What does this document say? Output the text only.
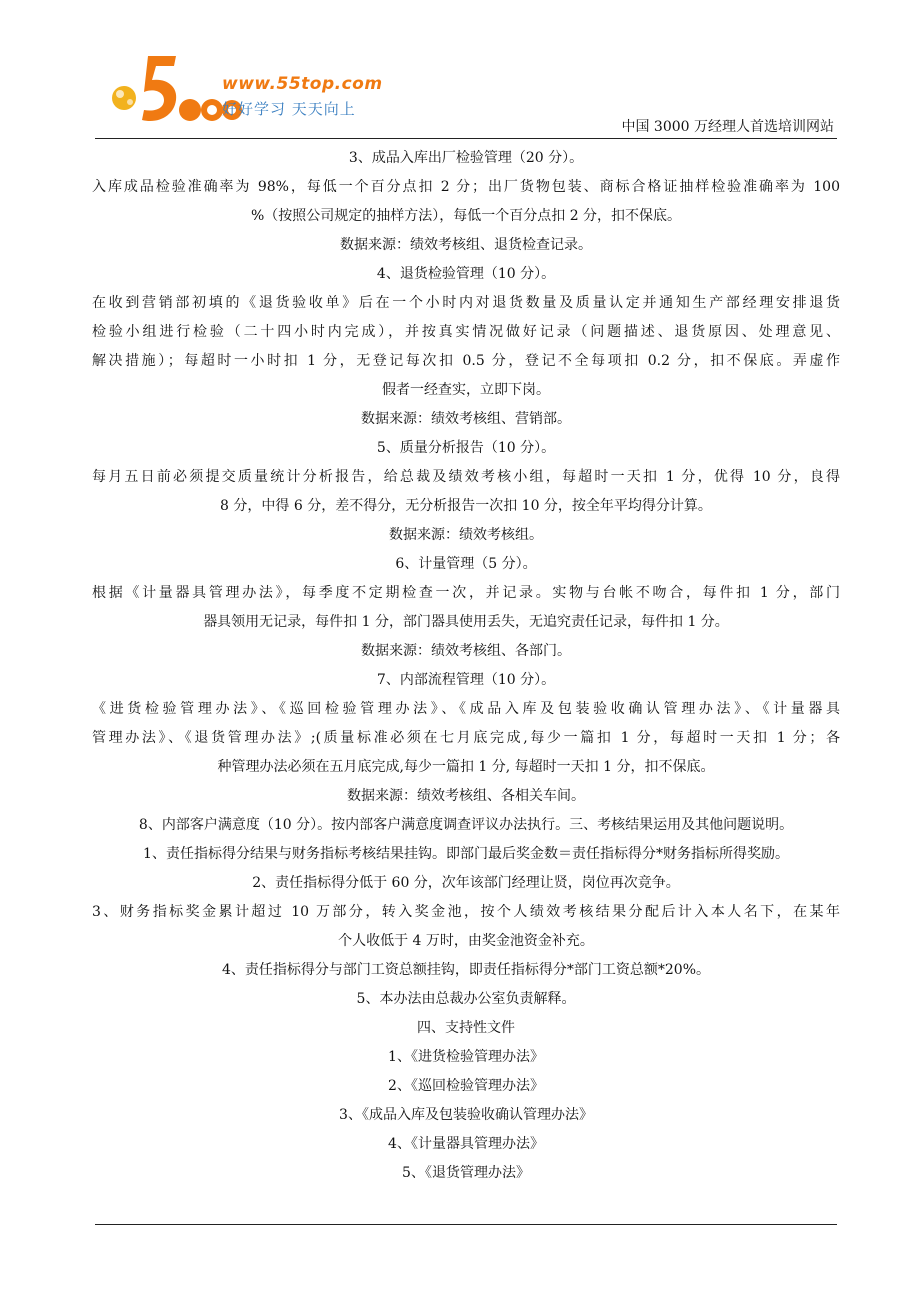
www.55top.com
好好学习 天天向上
中国 3000 万经理人首选培训网站

3、成品入库出厂检验管理（20 分）。

入库成品检验准确率为 98%，每低一个百分点扣 2 分；出厂货物包装、商标合格证抽样检验准确率为 100

%（按照公司规定的抽样方法），每低一个百分点扣 2 分，扣不保底。

数据来源：绩效考核组、退货检查记录。

4、退货检验管理（10 分）。

在收到营销部初填的《退货验收单》后在一个小时内对退货数量及质量认定并通知生产部经理安排退货

检验小组进行检验（二十四小时内完成），并按真实情况做好记录（问题描述、退货原因、处理意见、

解决措施）；每超时一小时扣 1 分，无登记每次扣 0.5 分，登记不全每项扣 0.2 分，扣不保底。弄虚作

假者一经查实，立即下岗。

数据来源：绩效考核组、营销部。

5、质量分析报告（10 分）。

每月五日前必须提交质量统计分析报告，给总裁及绩效考核小组，每超时一天扣 1 分，优得 10 分，良得

8 分，中得 6 分，差不得分，无分析报告一次扣 10 分，按全年平均得分计算。

数据来源：绩效考核组。

6、计量管理（5 分）。

根据《计量器具管理办法》，每季度不定期检查一次，并记录。实物与台帐不吻合，每件扣 1 分，部门

器具领用无记录，每件扣 1 分，部门器具使用丢失，无追究责任记录，每件扣 1 分。

数据来源：绩效考核组、各部门。

7、内部流程管理（10 分）。

《进货检验管理办法》、《巡回检验管理办法》、《成品入库及包装验收确认管理办法》、《计量器具

管理办法》、《退货管理办法》;(质量标准必须在七月底完成,每少一篇扣 1 分，每超时一天扣 1 分；各

种管理办法必须在五月底完成,每少一篇扣 1 分, 每超时一天扣 1 分，扣不保底。

数据来源：绩效考核组、各相关车间。

8、内部客户满意度（10 分）。按内部客户满意度调查评议办法执行。三、考核结果运用及其他问题说明。

1、责任指标得分结果与财务指标考核结果挂钩。即部门最后奖金数＝责任指标得分*财务指标所得奖励。

2、责任指标得分低于 60 分，次年该部门经理让贤，岗位再次竞争。

3、财务指标奖金累计超过 10 万部分，转入奖金池，按个人绩效考核结果分配后计入本人名下，在某年

个人收低于 4 万时，由奖金池资金补充。

4、责任指标得分与部门工资总额挂钩，即责任指标得分*部门工资总额*20%。

5、本办法由总裁办公室负责解释。

四、支持性文件

1、《进货检验管理办法》

2、《巡回检验管理办法》

3、《成品入库及包装验收确认管理办法》

4、《计量器具管理办法》

5、《退货管理办法》
